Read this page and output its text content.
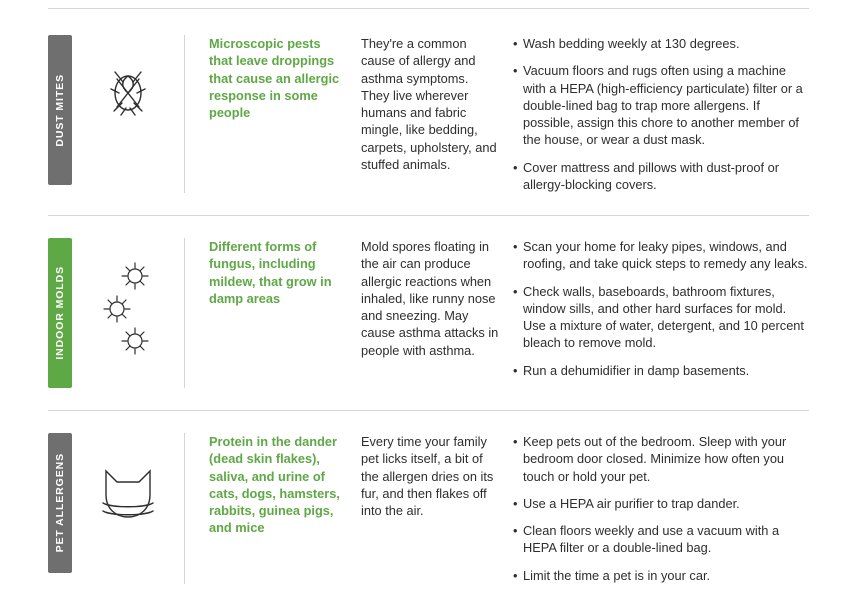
DUST MITES
Microscopic pests that leave droppings that cause an allergic response in some people
They're a common cause of allergy and asthma symptoms. They live wherever humans and fabric mingle, like bedding, carpets, upholstery, and stuffed animals.
• Wash bedding weekly at 130 degrees.
• Vacuum floors and rugs often using a machine with a HEPA (high-efficiency particulate) filter or a double-lined bag to trap more allergens. If possible, assign this chore to another member of the house, or wear a dust mask.
• Cover mattress and pillows with dust-proof or allergy-blocking covers.
INDOOR MOLDS
Different forms of fungus, including mildew, that grow in damp areas
Mold spores floating in the air can produce allergic reactions when inhaled, like runny nose and sneezing. May cause asthma attacks in people with asthma.
• Scan your home for leaky pipes, windows, and roofing, and take quick steps to remedy any leaks.
• Check walls, baseboards, bathroom fixtures, window sills, and other hard surfaces for mold. Use a mixture of water, detergent, and 10 percent bleach to remove mold.
• Run a dehumidifier in damp basements.
PET ALLERGENS
Protein in the dander (dead skin flakes), saliva, and urine of cats, dogs, hamsters, rabbits, guinea pigs, and mice
Every time your family pet licks itself, a bit of the allergen dries on its fur, and then flakes off into the air.
• Keep pets out of the bedroom. Sleep with your bedroom door closed. Minimize how often you touch or hold your pet.
• Use a HEPA air purifier to trap dander.
• Clean floors weekly and use a vacuum with a HEPA filter or a double-lined bag.
• Limit the time a pet is in your car.
